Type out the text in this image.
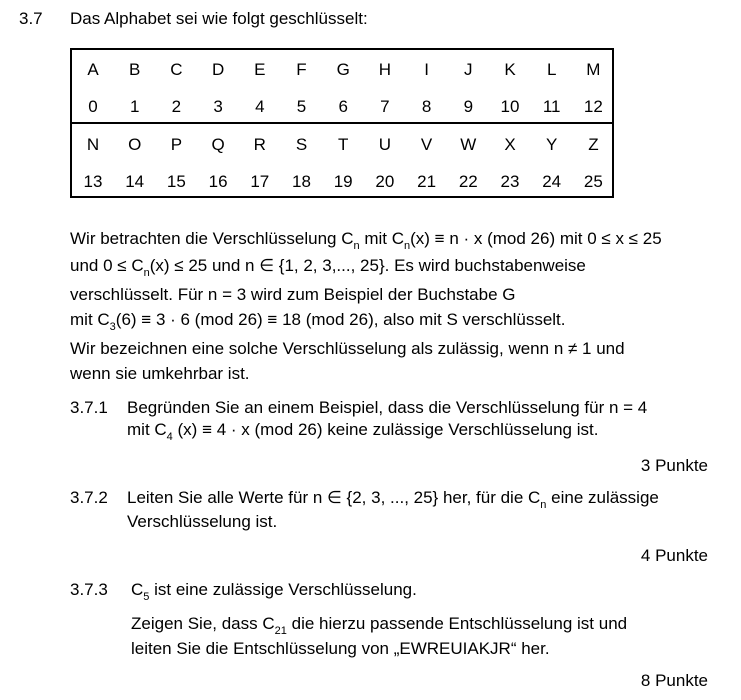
3.7 Das Alphabet sei wie folgt geschlüsselt:
A	B	C	D	E	F	G	H	I	J	K	L	M
0	1	2	3	4	5	6	7	8	9	10	11	12
N	O	P	Q	R	S	T	U	V	W	X	Y	Z
13	14	15	16	17	18	19	20	21	22	23	24	25
Wir betrachten die Verschlüsselung $C_n$ mit $C_n(x) \equiv n \cdot x$ (mod 26) mit 0 ≤ x ≤ 25
und $0 \le C_n(x) \le 25$ und n ∈ {1, 2, 3,..., 25}. Es wird buchstabenweise
verschlüsselt. Für n = 3 wird zum Beispiel der Buchstabe G
mit $C_3(6) \equiv 3 \cdot 6$ (mod 26) ≡ 18 (mod 26), also mit S verschlüsselt.
Wir bezeichnen eine solche Verschlüsselung als zulässig, wenn n ≠ 1 und
wenn sie umkehrbar ist.
3.7.1 Begründen Sie an einem Beispiel, dass die Verschlüsselung für n = 4
mit $C_4$ (x) ≡ 4 · x (mod 26) keine zulässige Verschlüsselung ist.
3 Punkte
3.7.2 Leiten Sie alle Werte für n ∈ {2, 3, ..., 25} her, für die $C_n$ eine zulässige
Verschlüsselung ist.
4 Punkte
3.7.3 $C_5$ ist eine zulässige Verschlüsselung.
Zeigen Sie, dass $C_{21}$ die hierzu passende Entschlüsselung ist und
leiten Sie die Entschlüsselung von „EWREUIAKJR“ her.
8 Punkte
